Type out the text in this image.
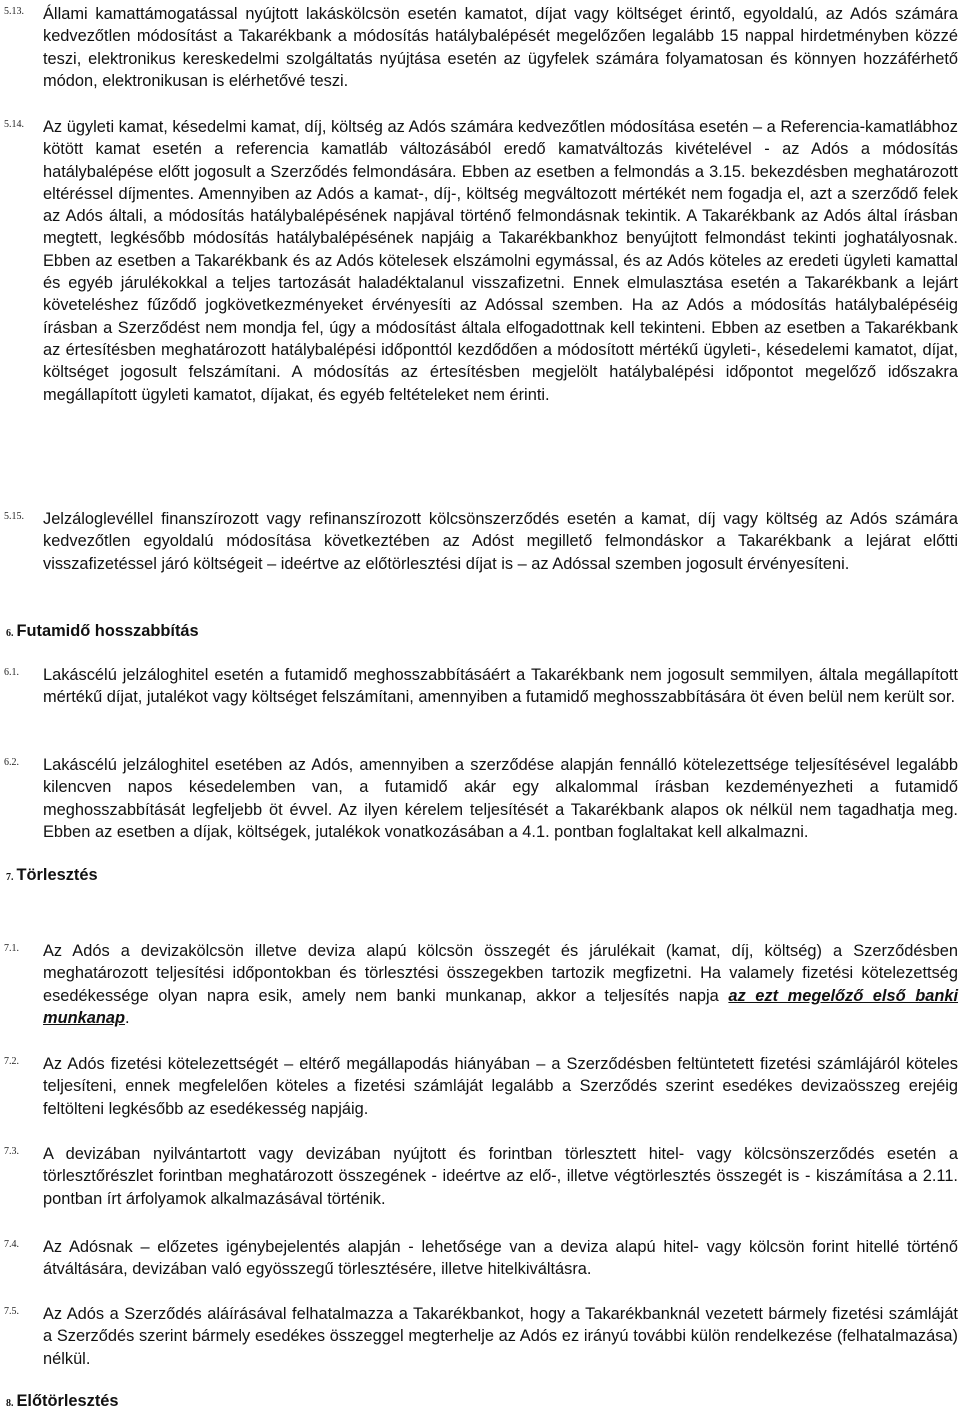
5.13. Állami kamattámogatással nyújtott lakáskölcsön esetén kamatot, díjat vagy költséget érintő, egyoldalú, az Adós számára kedvezőtlen módosítást a Takarékbank a módosítás hatálybalépését megelőzően legalább 15 nappal hirdetményben közzé teszi, elektronikus kereskedelmi szolgáltatás nyújtása esetén az ügyfelek számára folyamatosan és könnyen hozzáférhető módon, elektronikusan is elérhetővé teszi.

5.14. Az ügyleti kamat, késedelmi kamat, díj, költség az Adós számára kedvezőtlen módosítása esetén – a Referencia-kamatlábhoz kötött kamat esetén a referencia kamatláb változásából eredő kamatváltozás kivételével - az Adós a módosítás hatálybalépése előtt jogosult a Szerződés felmondására. Ebben az esetben a felmondás a 3.15. bekezdésben meghatározott eltéréssel díjmentes. Amennyiben az Adós a kamat-, díj-, költség megváltozott mértékét nem fogadja el, azt a szerződő felek az Adós általi, a módosítás hatálybalépésének napjával történő felmondásnak tekintik. A Takarékbank az Adós által írásban megtett, legkésőbb módosítás hatálybalépésének napjáig a Takarékbankhoz benyújtott felmondást tekinti joghatályosnak. Ebben az esetben a Takarékbank és az Adós kötelesek elszámolni egymással, és az Adós köteles az eredeti ügyleti kamattal és egyéb járulékokkal a teljes tartozását haladéktalanul visszafizetni. Ennek elmulasztása esetén a Takarékbank a lejárt követeléshez fűződő jogkövetkezményeket érvényesíti az Adóssal szemben. Ha az Adós a módosítás hatálybalépéséig írásban a Szerződést nem mondja fel, úgy a módosítást általa elfogadottnak kell tekinteni. Ebben az esetben a Takarékbank az értesítésben meghatározott hatálybalépési időponttól kezdődően a módosított mértékű ügyleti-, késedelemi kamatot, díjat, költséget jogosult felszámítani. A módosítás az értesítésben megjelölt hatálybalépési időpontot megelőző időszakra megállapított ügyleti kamatot, díjakat, és egyéb feltételeket nem érinti.

5.15. Jelzáloglevéllel finanszírozott vagy refinanszírozott kölcsönszerződés esetén a kamat, díj vagy költség az Adós számára kedvezőtlen egyoldalú módosítása következtében az Adóst megillető felmondáskor a Takarékbank a lejárat előtti visszafizetéssel járó költségeit – ideértve az előtörlesztési díjat is – az Adóssal szemben jogosult érvényesíteni.

6. Futamidő hosszabbítás
6.1. Lakáscélú jelzáloghitel esetén a futamidő meghosszabbításáért a Takarékbank nem jogosult semmilyen, általa megállapított mértékű díjat, jutalékot vagy költséget felszámítani, amennyiben a futamidő meghosszabbítására öt éven belül nem került sor.

6.2. Lakáscélú jelzáloghitel esetében az Adós, amennyiben a szerződése alapján fennálló kötelezettsége teljesítésével legalább kilencven napos késedelemben van, a futamidő akár egy alkalommal írásban kezdeményezheti a futamidő meghosszabbítását legfeljebb öt évvel. Az ilyen kérelem teljesítését a Takarékbank alapos ok nélkül nem tagadhatja meg. Ebben az esetben a díjak, költségek, jutalékok vonatkozásában a 4.1. pontban foglaltakat kell alkalmazni.

7. Törlesztés
7.1. Az Adós a devizakölcsön illetve deviza alapú kölcsön összegét és járulékait (kamat, díj, költség) a Szerződésben meghatározott teljesítési időpontokban és törlesztési összegekben tartozik megfizetni. Ha valamely fizetési kötelezettség esedékessége olyan napra esik, amely nem banki munkanap, akkor a teljesítés napja az ezt megelőző első banki munkanap.

7.2. Az Adós fizetési kötelezettségét – eltérő megállapodás hiányában – a Szerződésben feltüntetett fizetési számlájáról köteles teljesíteni, ennek megfelelően köteles a fizetési számláját legalább a Szerződés szerint esedékes devizaösszeg erejéig feltölteni legkésőbb az esedékesség napjáig.

7.3. A devizában nyilvántartott vagy devizában nyújtott és forintban törlesztett hitel- vagy kölcsönszerződés esetén a törlesztőrészlet forintban meghatározott összegének - ideértve az elő-, illetve végtörlesztés összegét is - kiszámítása a 2.11. pontban írt árfolyamok alkalmazásával történik.

7.4. Az Adósnak – előzetes igénybejelentés alapján - lehetősége van a deviza alapú hitel- vagy kölcsön forint hitellé történő átváltására, devizában való egyösszegű törlesztésére, illetve hitelkiváltásra.

7.5. Az Adós a Szerződés aláírásával felhatalmazza a Takarékbankot, hogy a Takarékbanknál vezetett bármely fizetési számláját a Szerződés szerint bármely esedékes összeggel megterhelje az Adós ez irányú további külön rendelkezése (felhatalmazása) nélkül.

8. Előtörlesztés
